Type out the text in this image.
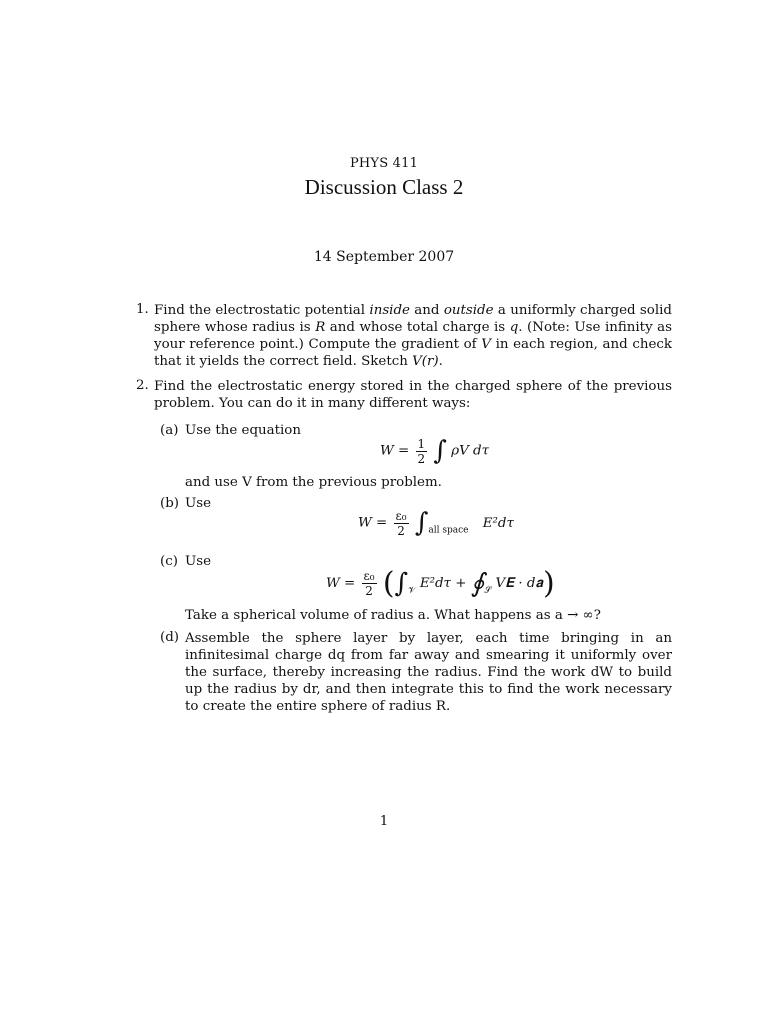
PHYS 411
Discussion Class 2
14 September 2007
1. Find the electrostatic potential inside and outside a uniformly charged solid sphere whose radius is R and whose total charge is q. (Note: Use infinity as your reference point.) Compute the gradient of V in each region, and check that it yields the correct field. Sketch V(r).
2. Find the electrostatic energy stored in the charged sphere of the previous problem. You can do it in many different ways:
(a) Use the equation
$W = \frac{1}{2}$ ∫ ρV dτ
and use V from the previous problem.
(b) Use
$W = \frac{\text{ε₀}}{2} \int_{all space}$ E²dτ
(c) Use
$W = \frac{\text{ε₀}}{2} (\int_𝒱$ $E^2d\tau + ∮_𝒮$ V𝐄 · d𝐚)
Take a spherical volume of radius a. What happens as a → ∞?
(d) Assemble the sphere layer by layer, each time bringing in an infinitesimal charge dq from far away and smearing it uniformly over the surface, thereby increasing the radius. Find the work dW to build up the radius by dr, and then integrate this to find the work necessary to create the entire sphere of radius R.
1
